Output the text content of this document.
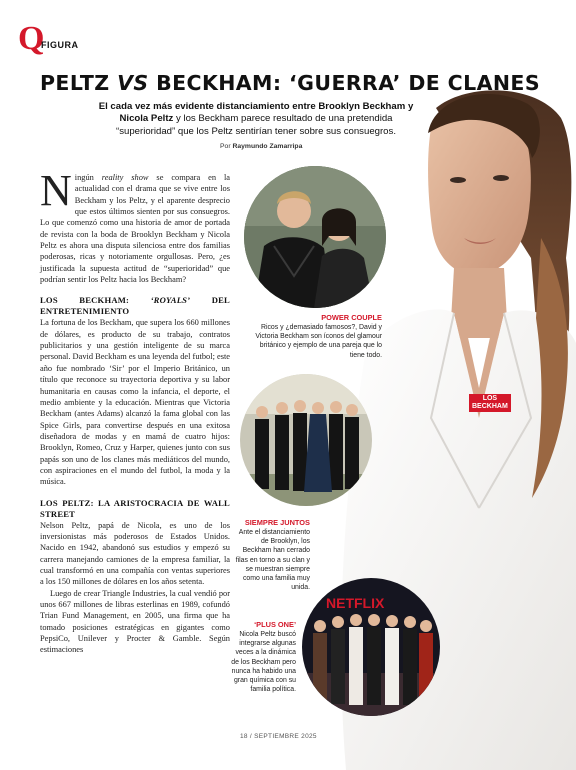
Q
FIGURA
PELTZ VS BECKHAM: ‘GUERRA’ DE CLANES
El cada vez más evidente distanciamiento entre Brooklyn Beckham y Nicola Peltz y los Beckham parece resultado de una pretendida “superioridad” que los Peltz sentirían tener sobre sus consuegros.
Por Raymundo Zamarripa

Ningún reality show se compara en la actualidad con el drama que se vive entre los Beckham y los Peltz, y el aparente desprecio que estos últimos sienten por sus consuegros. Lo que comenzó como una historia de amor de portada de revista con la boda de Brooklyn Beckham y Nicola Peltz es ahora una disputa silenciosa entre dos familias poderosas, ricas y notoriamente orgullosas. Pero, ¿es justificada la supuesta actitud de “superioridad” que podrían sentir los Peltz hacia los Beckham?

LOS BECKHAM: ‘ROYALS’ DEL ENTRETENIMIENTO

La fortuna de los Beckham, que supera los 660 millones de dólares, es producto de su trabajo, contratos publicitarios y una gestión inteligente de su marca personal. David Beckham es una leyenda del futbol; este año fue nombrado ‘Sir’ por el Imperio Británico, un título que reconoce su trayectoria deportiva y su labor humanitaria en causas como la infancia, el deporte, el medio ambiente y la educación. Mientras que Victoria Beckham (antes Adams) alcanzó la fama global con las Spice Girls, para convertirse después en una exitosa diseñadora de modas y en mamá de cuatro hijos: Brooklyn, Romeo, Cruz y Harper, quienes junto con sus papás son uno de los clanes más mediáticos del mundo, con aspiraciones en el mundo del futbol, la moda y la música.

LOS PELTZ: LA ARISTOCRACIA DE WALL STREET

Nelson Peltz, papá de Nicola, es uno de los inversionistas más poderosos de Estados Unidos. Nacido en 1942, abandonó sus estudios y empezó su carrera manejando camiones de la empresa familiar, la cual transformó en una compañía con ventas superiores a los 150 millones de dólares en los años setenta.

Luego de crear Triangle Industries, la cual vendió por unos 667 millones de libras esterlinas en 1989, cofundó Trian Fund Management, en 2005, una firma que ha tomado posiciones estratégicas en gigantes como PepsiCo, Unilever y Procter & Gamble. Según estimaciones

POWER COUPLE
Ricos y ¿demasiado famosos?, David y Victoria Beckham son íconos del glamour británico y ejemplo de una pareja que lo tiene todo.
LOS
BECKHAM
SIEMPRE JUNTOS
Ante el distanciamiento de Brooklyn, los Beckham han cerrado filas en torno a su clan y se muestran siempre como una familia muy unida.
NETFLIX
‘PLUS ONE’
Nicola Peltz buscó integrarse algunas veces a la dinámica de los Beckham pero nunca ha habido una gran química con su familia política.
18 / SEPTIEMBRE 2025
